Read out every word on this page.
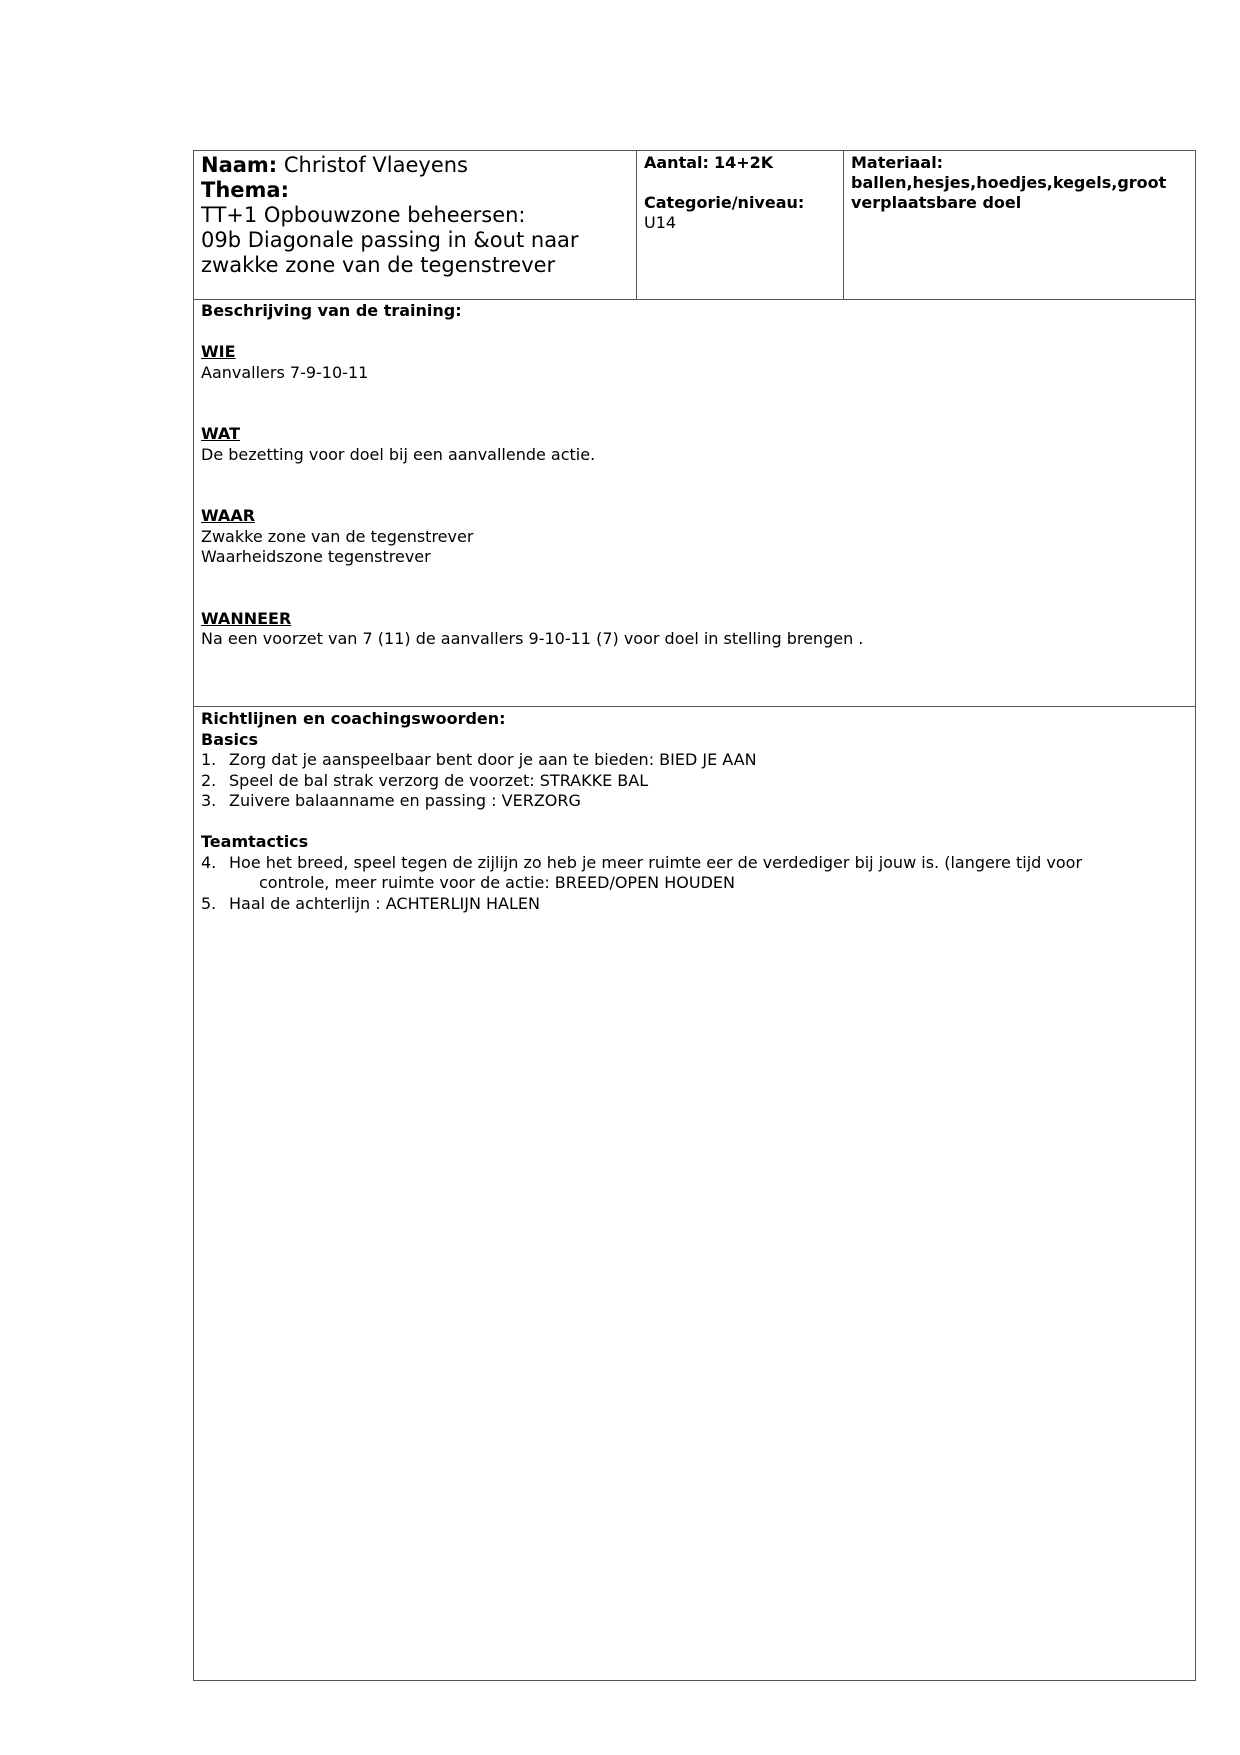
Naam: Christof Vlaeyens
Thema:
TT+1 Opbouwzone beheersen:
09b Diagonale passing in &out naar
zwakke zone van de tegenstrever
Aantal: 14+2K
Categorie/niveau:
U14
Materiaal:
ballen,hesjes,hoedjes,kegels,groot
verplaatsbare doel
Beschrijving van de training:
WIE
Aanvallers 7-9-10-11
WAT
De bezetting voor doel bij een aanvallende actie.
WAAR
Zwakke zone van de tegenstrever
Waarheidszone tegenstrever
WANNEER
Na een voorzet van 7 (11) de aanvallers 9-10-11 (7) voor doel in stelling brengen .
Richtlijnen en coachingswoorden:
Basics
1. Zorg dat je aanspeelbaar bent door je aan te bieden: BIED JE AAN
2. Speel de bal strak verzorg de voorzet: STRAKKE BAL
3. Zuivere balaanname en passing : VERZORG
Teamtactics
4. Hoe het breed, speel tegen de zijlijn zo heb je meer ruimte eer de verdediger bij jouw is. (langere tijd voor
controle, meer ruimte voor de actie: BREED/OPEN HOUDEN
5. Haal de achterlijn : ACHTERLIJN HALEN
